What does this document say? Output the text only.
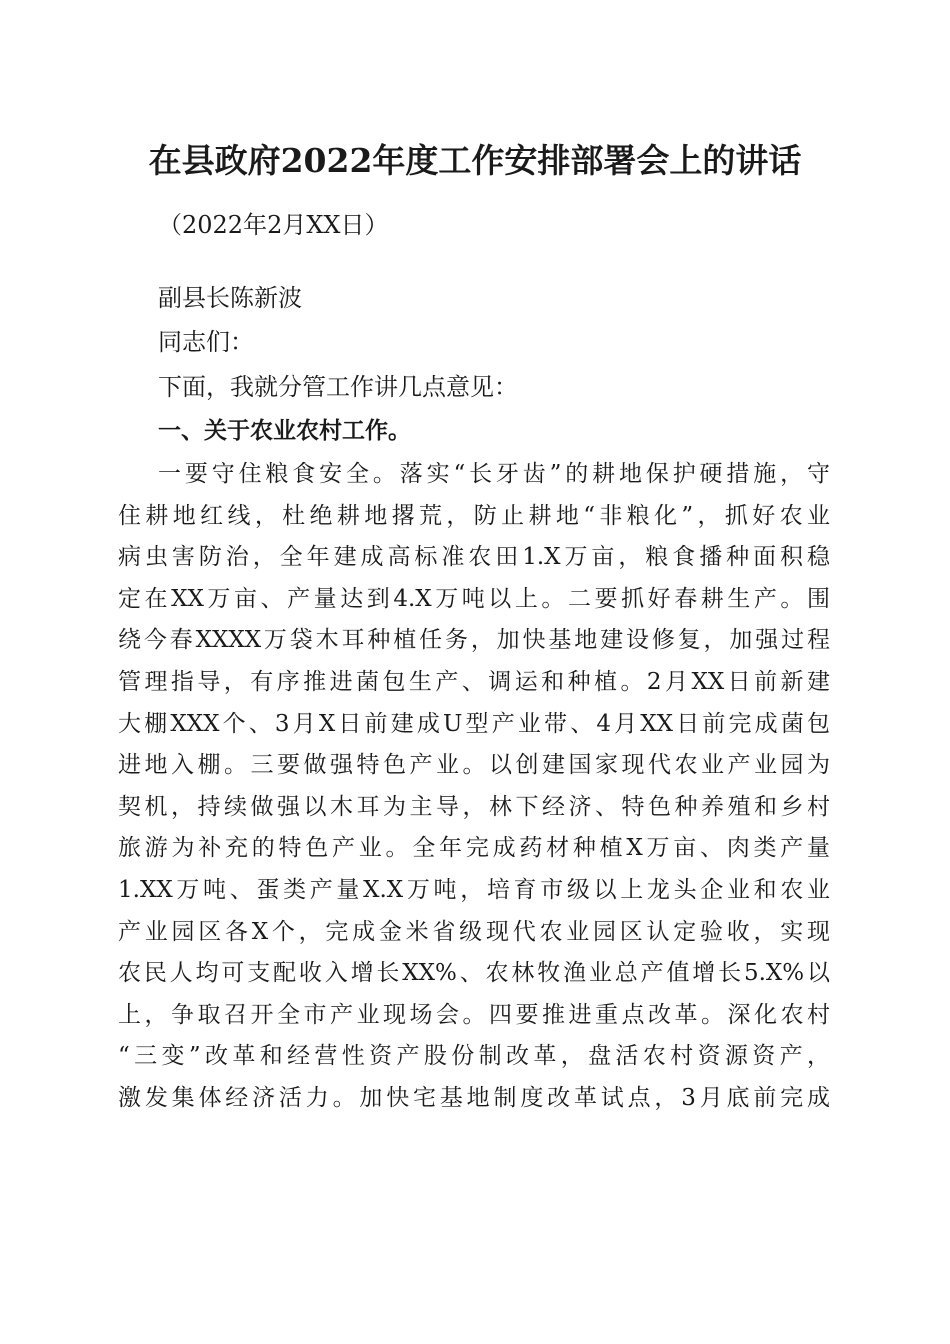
在县政府2022年度工作安排部署会上的讲话
（2022年2月XX日）
副县长陈新波
同志们：
下面，我就分管工作讲几点意见：
一、关于农业农村工作。
一要守住粮食安全。落实“长牙齿”的耕地保护硬措施，守
住耕地红线，杜绝耕地撂荒，防止耕地“非粮化”，抓好农业
病虫害防治，全年建成高标准农田1.X万亩，粮食播种面积稳
定在XX万亩、产量达到4.X万吨以上。二要抓好春耕生产。围
绕今春XXXX万袋木耳种植任务，加快基地建设修复，加强过程
管理指导，有序推进菌包生产、调运和种植。2月XX日前新建
大棚XXX个、3月X日前建成U型产业带、4月XX日前完成菌包
进地入棚。三要做强特色产业。以创建国家现代农业产业园为
契机，持续做强以木耳为主导，林下经济、特色种养殖和乡村
旅游为补充的特色产业。全年完成药材种植X万亩、肉类产量
1.XX万吨、蛋类产量X.X万吨，培育市级以上龙头企业和农业
产业园区各X个，完成金米省级现代农业园区认定验收，实现
农民人均可支配收入增长XX%、农林牧渔业总产值增长5.X%以
上，争取召开全市产业现场会。四要推进重点改革。深化农村
“三变”改革和经营性资产股份制改革，盘活农村资源资产，
激发集体经济活力。加快宅基地制度改革试点，3月底前完成
